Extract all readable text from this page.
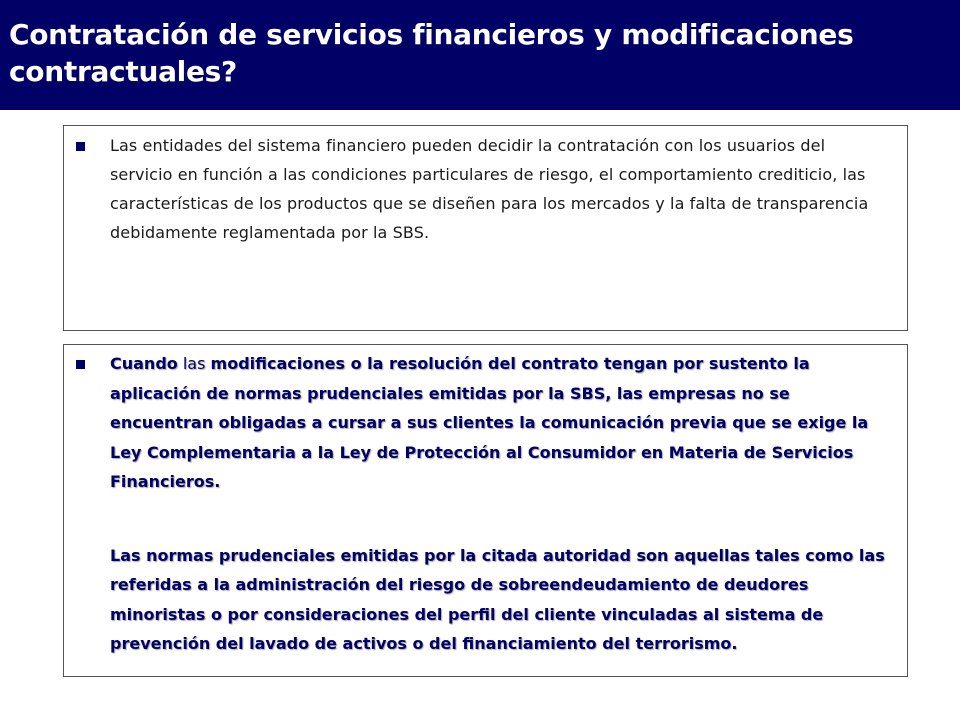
Contratación de servicios financieros y modificaciones contractuales?

Las entidades del sistema financiero pueden decidir la contratación con los usuarios del servicio en función a las condiciones particulares de riesgo, el comportamiento crediticio, las características de los productos que se diseñen para los mercados y la falta de transparencia debidamente reglamentada por la SBS.

Cuando las modificaciones o la resolución del contrato tengan por sustento la aplicación de normas prudenciales emitidas por la SBS, las empresas no se encuentran obligadas a cursar a sus clientes la comunicación previa que se exige la Ley Complementaria a la Ley de Protección al Consumidor en Materia de Servicios Financieros.

Las normas prudenciales emitidas por la citada autoridad son aquellas tales como las referidas a la administración del riesgo de sobreendeudamiento de deudores minoristas o por consideraciones del perfil del cliente vinculadas al sistema de prevención del lavado de activos o del financiamiento del terrorismo.
